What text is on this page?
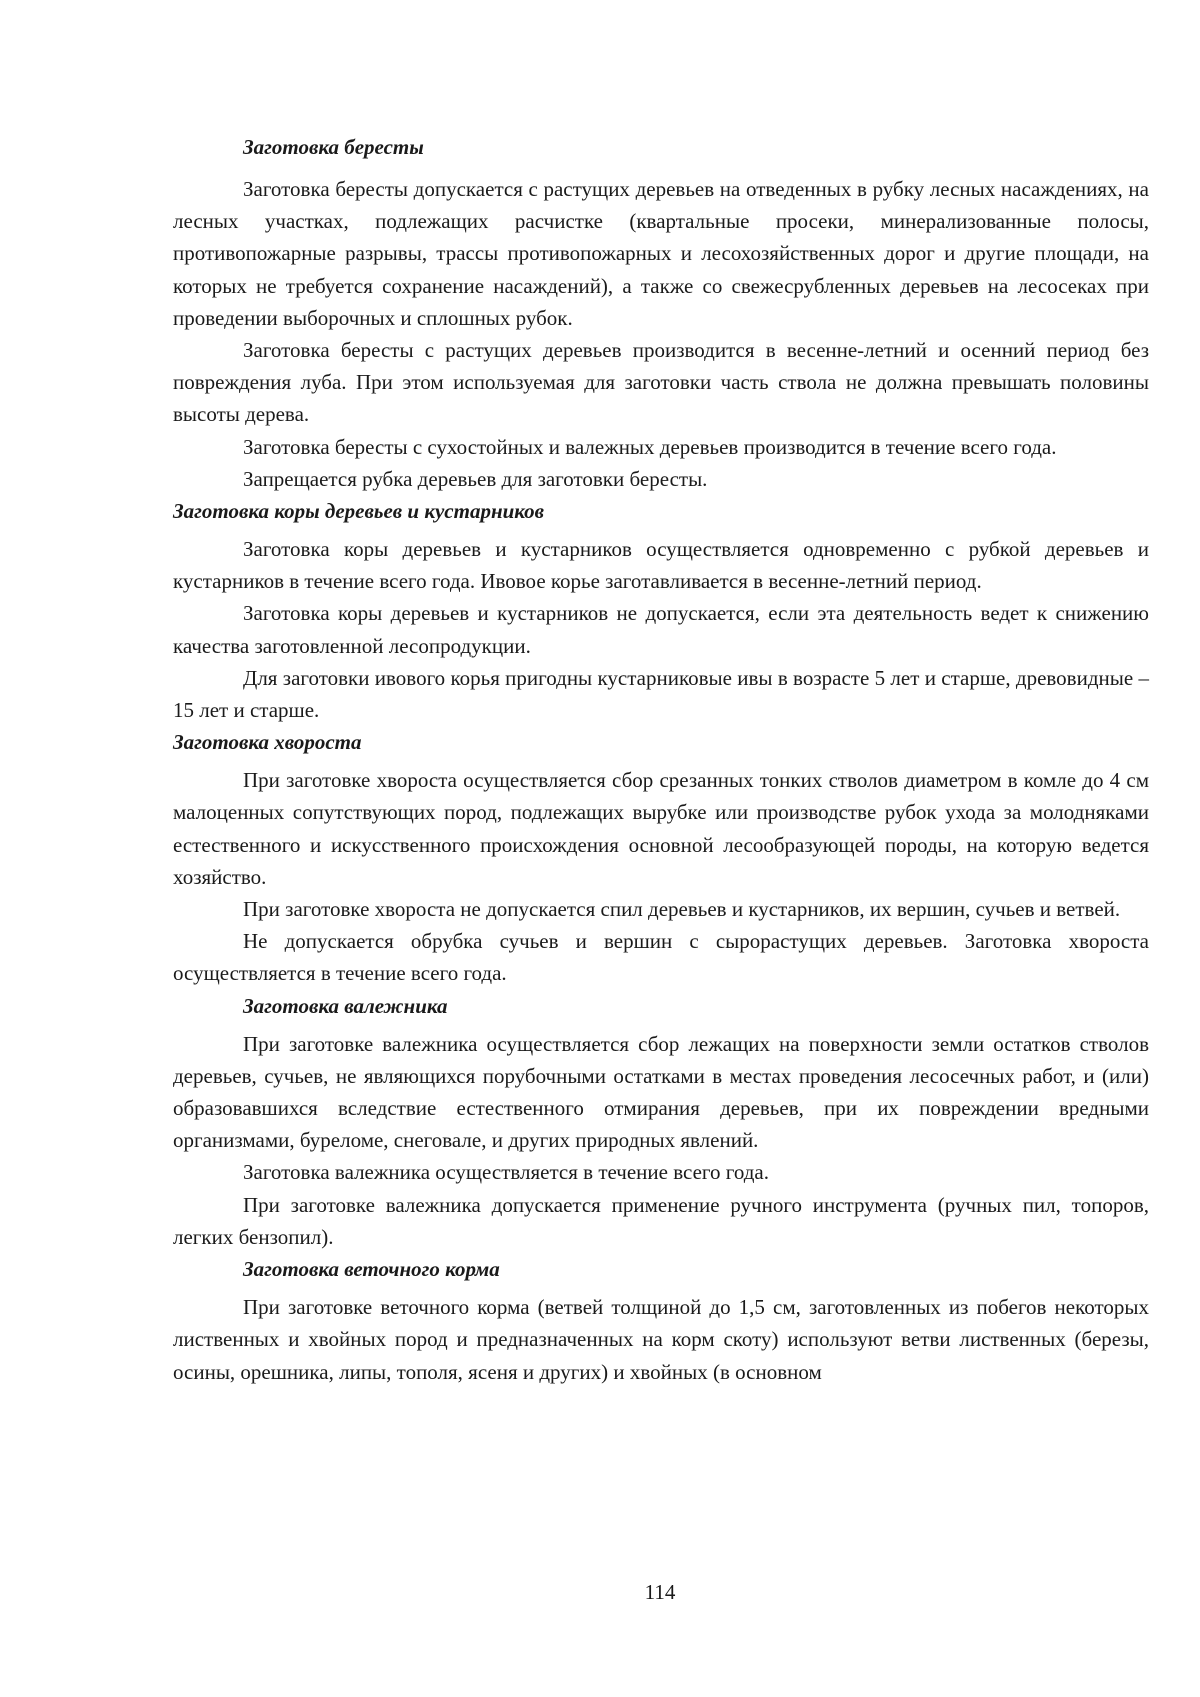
Заготовка бересты

Заготовка бересты допускается с растущих деревьев на отведенных в рубку лесных насаждениях, на лесных участках, подлежащих расчистке (квартальные просеки, минерализованные полосы, противопожарные разрывы, трассы противопожарных и лесохозяйственных дорог и другие площади, на которых не требуется сохранение насаждений), а также со свежесрубленных деревьев на лесосеках при проведении выборочных и сплошных рубок.

Заготовка бересты с растущих деревьев производится в весенне-летний и осенний период без повреждения луба. При этом используемая для заготовки часть ствола не должна превышать половины высоты дерева.

Заготовка бересты с сухостойных и валежных деревьев производится в течение всего года.

Запрещается рубка деревьев для заготовки бересты.

Заготовка коры деревьев и кустарников

Заготовка коры деревьев и кустарников осуществляется одновременно с рубкой деревьев и кустарников в течение всего года. Ивовое корье заготавливается в весенне-летний период.

Заготовка коры деревьев и кустарников не допускается, если эта деятельность ведет к снижению качества заготовленной лесопродукции.

Для заготовки ивового корья пригодны кустарниковые ивы в возрасте 5 лет и старше, древовидные – 15 лет и старше.

Заготовка хвороста

При заготовке хвороста осуществляется сбор срезанных тонких стволов диаметром в комле до 4 см малоценных сопутствующих пород, подлежащих вырубке или производстве рубок ухода за молодняками естественного и искусственного происхождения основной лесообразующей породы, на которую ведется хозяйство.

При заготовке хвороста не допускается спил деревьев и кустарников, их вершин, сучьев и ветвей.

Не допускается обрубка сучьев и вершин с сырорастущих деревьев. Заготовка хвороста осуществляется в течение всего года.

Заготовка валежника

При заготовке валежника осуществляется сбор лежащих на поверхности земли остатков стволов деревьев, сучьев, не являющихся порубочными остатками в местах проведения лесосечных работ, и (или) образовавшихся вследствие естественного отмирания деревьев, при их повреждении вредными организмами, буреломе, снеговале, и других природных явлений.

Заготовка валежника осуществляется в течение всего года.

При заготовке валежника допускается применение ручного инструмента (ручных пил, топоров, легких бензопил).

Заготовка веточного корма

При заготовке веточного корма (ветвей толщиной до 1,5 см, заготовленных из побегов некоторых лиственных и хвойных пород и предназначенных на корм скоту) используют ветви лиственных (березы, осины, орешника, липы, тополя, ясеня и других) и хвойных (в основном

114
